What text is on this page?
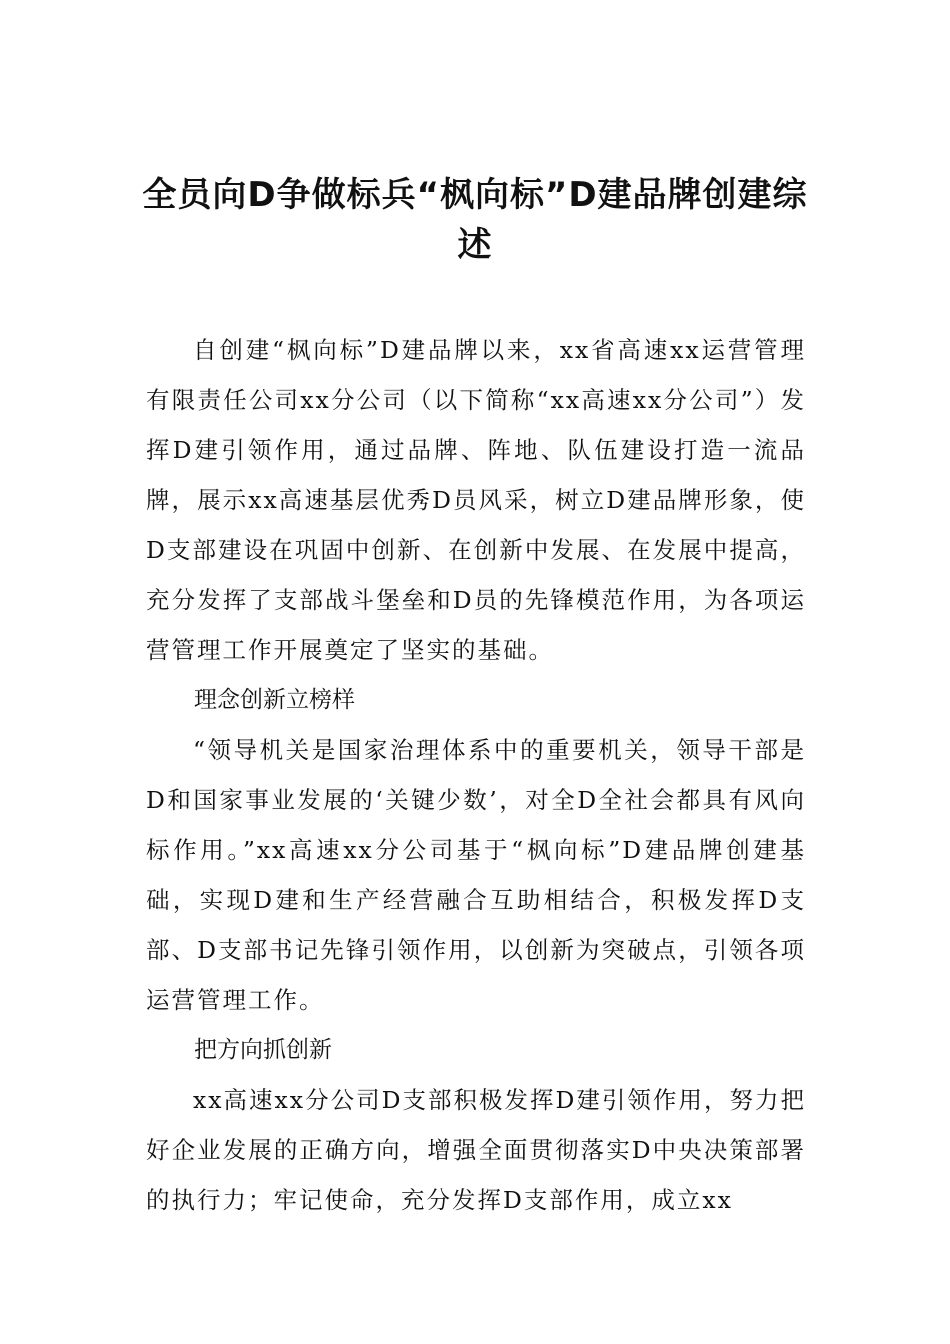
全员向D争做标兵“枫向标”D建品牌创建综述

自创建“枫向标”D建品牌以来，xx省高速xx运营管理有限责任公司xx分公司（以下简称“xx高速xx分公司”）发挥D建引领作用，通过品牌、阵地、队伍建设打造一流品牌，展示xx高速基层优秀D员风采，树立D建品牌形象，使D支部建设在巩固中创新、在创新中发展、在发展中提高，充分发挥了支部战斗堡垒和D员的先锋模范作用，为各项运营管理工作开展奠定了坚实的基础。

理念创新立榜样

“领导机关是国家治理体系中的重要机关，领导干部是D和国家事业发展的‘关键少数’，对全D全社会都具有风向标作用。”xx高速xx分公司基于“枫向标”D建品牌创建基础，实现D建和生产经营融合互助相结合，积极发挥D支部、D支部书记先锋引领作用，以创新为突破点，引领各项运营管理工作。

把方向抓创新

xx高速xx分公司D支部积极发挥D建引领作用，努力把好企业发展的正确方向，增强全面贯彻落实D中央决策部署的执行力；牢记使命，充分发挥D支部作用，成立xx
